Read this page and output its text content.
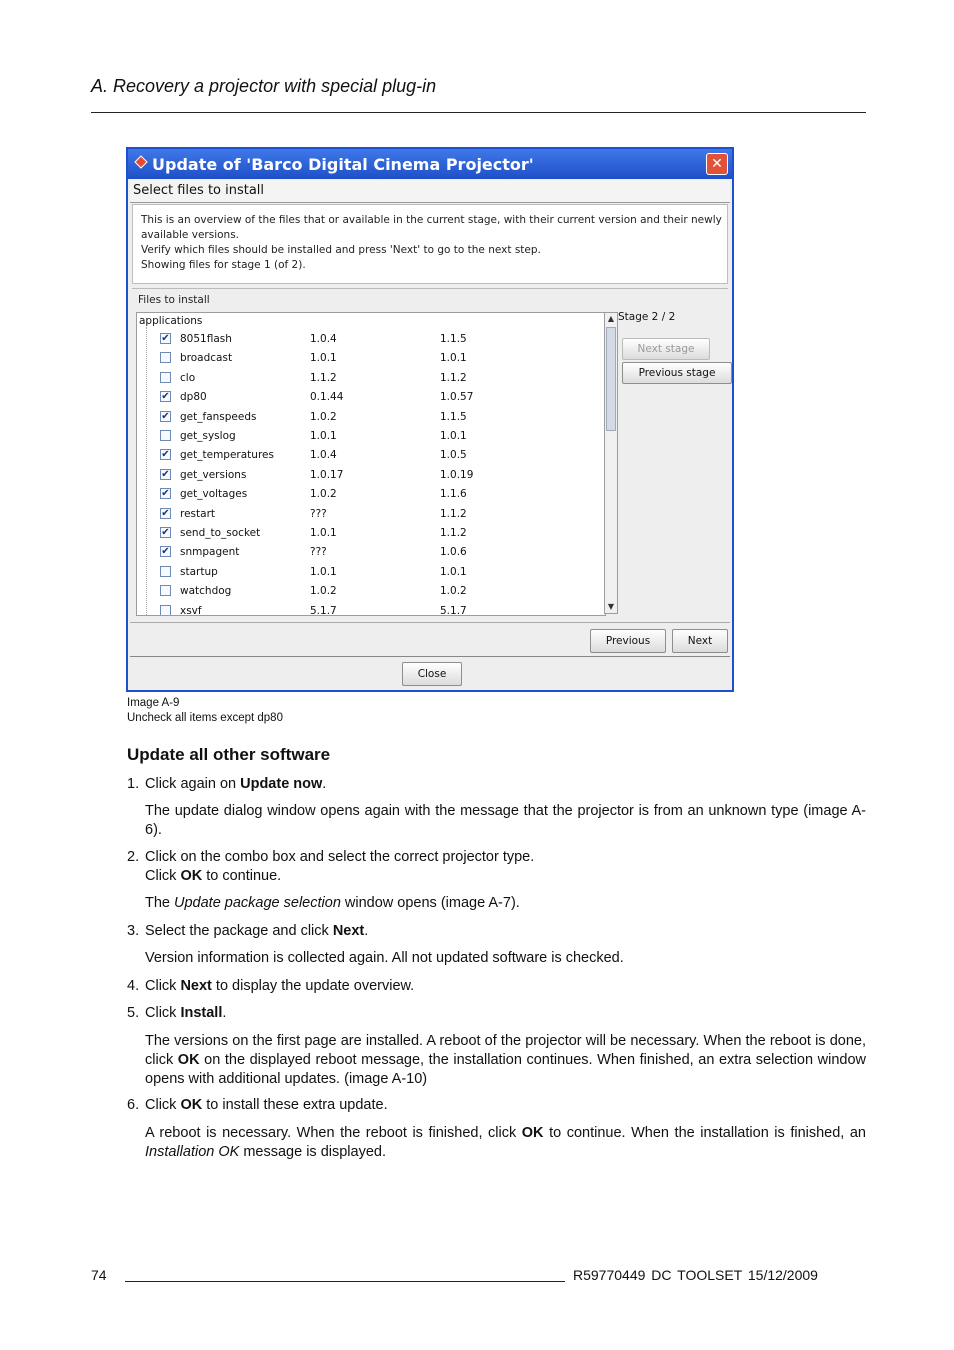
A. Recovery a projector with special plug-in
Update of 'Barco Digital Cinema Projector'	✕
Select files to install
This is an overview of the files that or available in the current stage, with their current version and their newly
available versions.
Verify which files should be installed and press 'Next' to go to the next step.
Showing files for stage 1 (of 2).
Files to install
applications
✔ 8051flash	1.0.4	1.1.5
broadcast	1.0.1	1.0.1
clo	1.1.2	1.1.2
✔ dp80	0.1.44	1.0.57
✔ get_fanspeeds	1.0.2	1.1.5
get_syslog	1.0.1	1.0.1
✔ get_temperatures	1.0.4	1.0.5
✔ get_versions	1.0.17	1.0.19
✔ get_voltages	1.0.2	1.1.6
✔ restart	???	1.1.2
✔ send_to_socket	1.0.1	1.1.2
✔ snmpagent	???	1.0.6
startup	1.0.1	1.0.1
watchdog	1.0.2	1.0.2
xsvf	5.1.7	5.1.7
▲
▼
Stage 2 / 2
Next stage
Previous stage
Previous	Next
Close
Image A-9
Uncheck all items except dp80
Update all other software
1. Click again on Update now.
The update dialog window opens again with the message that the projector is from an unknown type (image A-6).
2. Click on the combo box and select the correct projector type.
Click OK to continue.
The Update package selection window opens (image A-7).
3. Select the package and click Next.
Version information is collected again. All not updated software is checked.
4. Click Next to display the update overview.
5. Click Install.
The versions on the first page are installed. A reboot of the projector will be necessary. When the reboot is done, click OK on the displayed reboot message, the installation continues. When finished, an extra selection window opens with additional updates. (image A-10)
6. Click OK to install these extra update.
A reboot is necessary. When the reboot is finished, click OK to continue. When the installation is finished, an Installation OK message is displayed.
74	R59770449 DC TOOLSET 15/12/2009
